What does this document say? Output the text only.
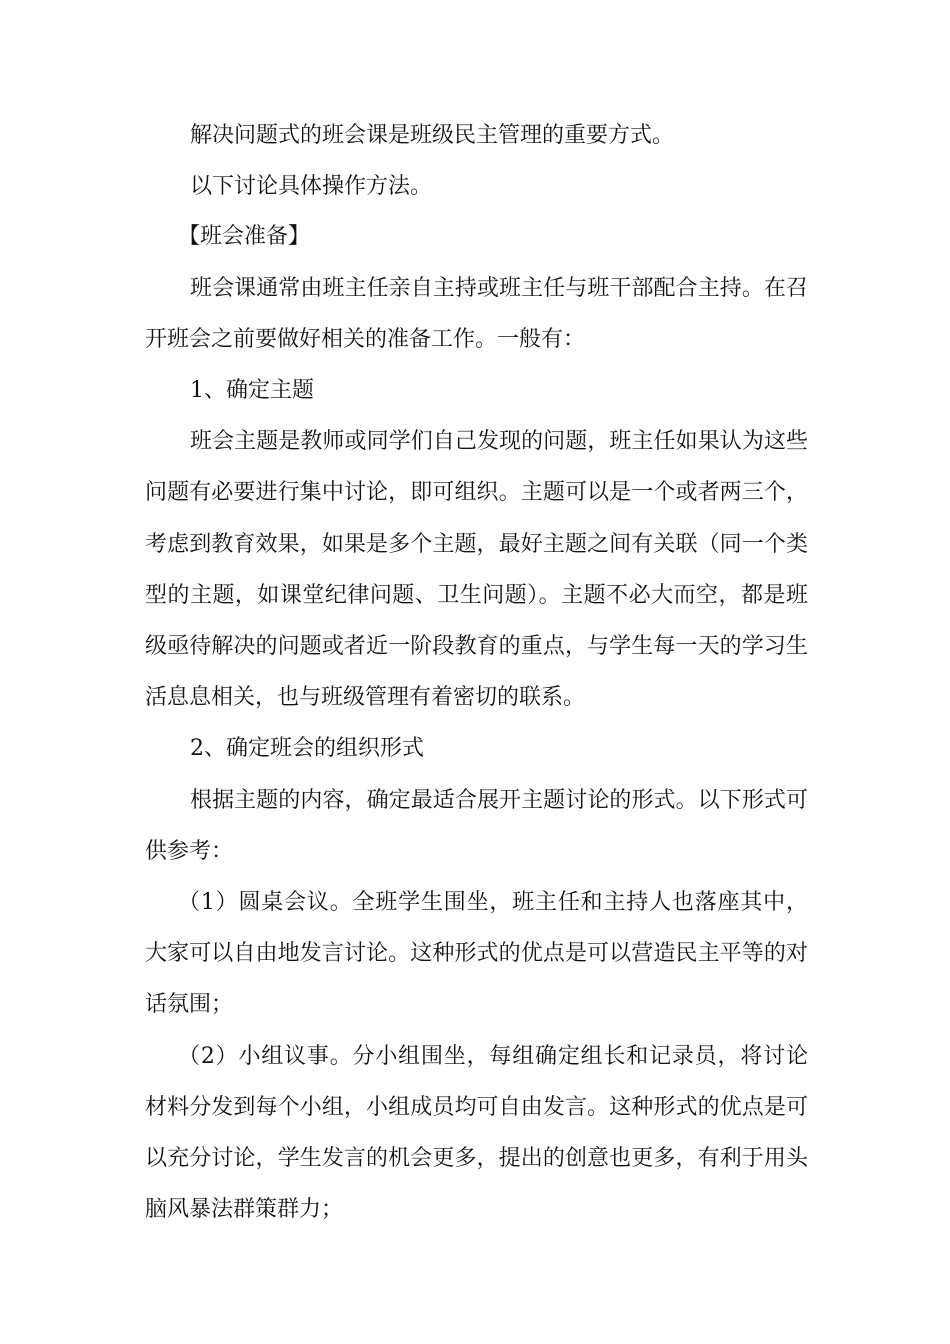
解决问题式的班会课是班级民主管理的重要方式。
以下讨论具体操作方法。
【班会准备】
班会课通常由班主任亲自主持或班主任与班干部配合主持。在召
开班会之前要做好相关的准备工作。一般有：
1、确定主题
班会主题是教师或同学们自己发现的问题，班主任如果认为这些
问题有必要进行集中讨论，即可组织。主题可以是一个或者两三个，
考虑到教育效果，如果是多个主题，最好主题之间有关联（同一个类
型的主题，如课堂纪律问题、卫生问题）。主题不必大而空，都是班
级亟待解决的问题或者近一阶段教育的重点，与学生每一天的学习生
活息息相关，也与班级管理有着密切的联系。
2、确定班会的组织形式
根据主题的内容，确定最适合展开主题讨论的形式。以下形式可
供参考：
（1）圆桌会议。全班学生围坐，班主任和主持人也落座其中，
大家可以自由地发言讨论。这种形式的优点是可以营造民主平等的对
话氛围；
（2）小组议事。分小组围坐，每组确定组长和记录员，将讨论
材料分发到每个小组，小组成员均可自由发言。这种形式的优点是可
以充分讨论，学生发言的机会更多，提出的创意也更多，有利于用头
脑风暴法群策群力；
